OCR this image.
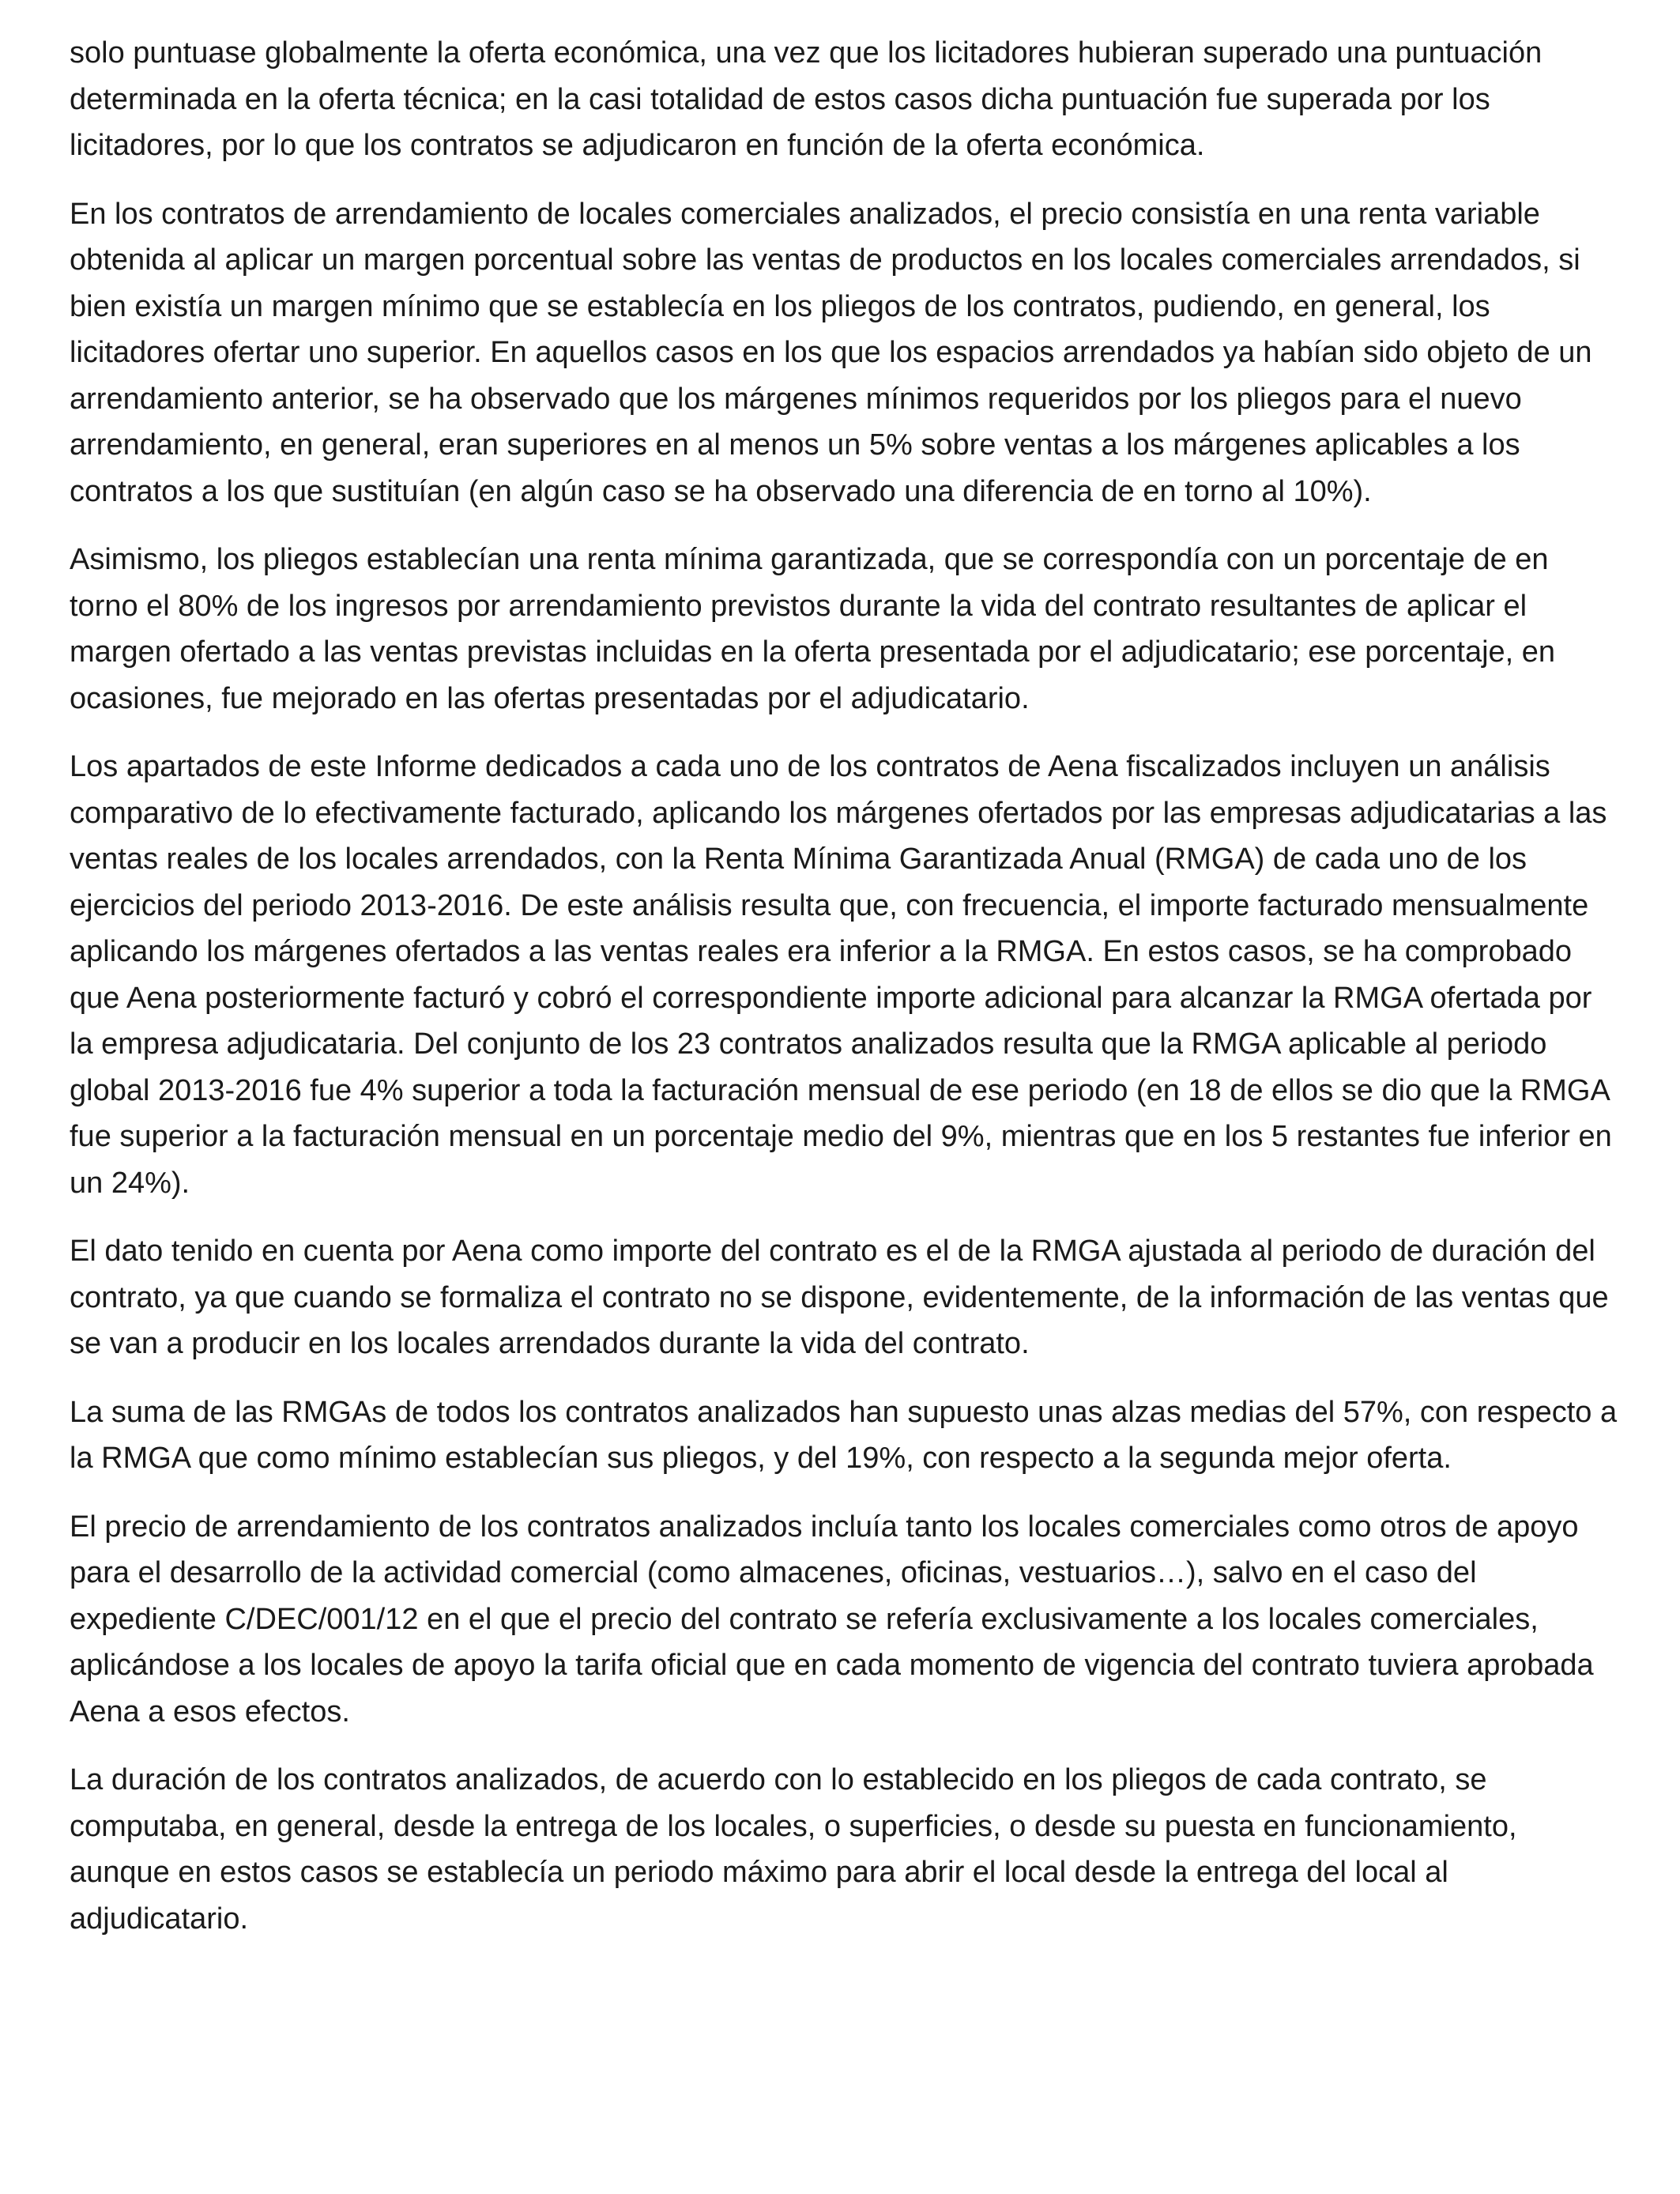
solo puntuase globalmente la oferta económica, una vez que los licitadores hubieran superado una puntuación determinada en la oferta técnica; en la casi totalidad de estos casos dicha puntuación fue superada por los licitadores, por lo que los contratos se adjudicaron en función de la oferta económica.

En los contratos de arrendamiento de locales comerciales analizados, el precio consistía en una renta variable obtenida al aplicar un margen porcentual sobre las ventas de productos en los locales comerciales arrendados, si bien existía un margen mínimo que se establecía en los pliegos de los contratos, pudiendo, en general, los licitadores ofertar uno superior. En aquellos casos en los que los espacios arrendados ya habían sido objeto de un arrendamiento anterior, se ha observado que los márgenes mínimos requeridos por los pliegos para el nuevo arrendamiento, en general, eran superiores en al menos un 5% sobre ventas a los márgenes aplicables a los contratos a los que sustituían (en algún caso se ha observado una diferencia de en torno al 10%).

Asimismo, los pliegos establecían una renta mínima garantizada, que se correspondía con un porcentaje de en torno el 80% de los ingresos por arrendamiento previstos durante la vida del contrato resultantes de aplicar el margen ofertado a las ventas previstas incluidas en la oferta presentada por el adjudicatario; ese porcentaje, en ocasiones, fue mejorado en las ofertas presentadas por el adjudicatario.

Los apartados de este Informe dedicados a cada uno de los contratos de Aena fiscalizados incluyen un análisis comparativo de lo efectivamente facturado, aplicando los márgenes ofertados por las empresas adjudicatarias a las ventas reales de los locales arrendados, con la Renta Mínima Garantizada Anual (RMGA) de cada uno de los ejercicios del periodo 2013-2016. De este análisis resulta que, con frecuencia, el importe facturado mensualmente aplicando los márgenes ofertados a las ventas reales era inferior a la RMGA. En estos casos, se ha comprobado que Aena posteriormente facturó y cobró el correspondiente importe adicional para alcanzar la RMGA ofertada por la empresa adjudicataria. Del conjunto de los 23 contratos analizados resulta que la RMGA aplicable al periodo global 2013-2016 fue 4% superior a toda la facturación mensual de ese periodo (en 18 de ellos se dio que la RMGA fue superior a la facturación mensual en un porcentaje medio del 9%, mientras que en los 5 restantes fue inferior en un 24%).

El dato tenido en cuenta por Aena como importe del contrato es el de la RMGA ajustada al periodo de duración del contrato, ya que cuando se formaliza el contrato no se dispone, evidentemente, de la información de las ventas que se van a producir en los locales arrendados durante la vida del contrato.

La suma de las RMGAs de todos los contratos analizados han supuesto unas alzas medias del 57%, con respecto a la RMGA que como mínimo establecían sus pliegos, y del 19%, con respecto a la segunda mejor oferta.

El precio de arrendamiento de los contratos analizados incluía tanto los locales comerciales como otros de apoyo para el desarrollo de la actividad comercial (como almacenes, oficinas, vestuarios…), salvo en el caso del expediente C/DEC/001/12 en el que el precio del contrato se refería exclusivamente a los locales comerciales, aplicándose a los locales de apoyo la tarifa oficial que en cada momento de vigencia del contrato tuviera aprobada Aena a esos efectos.

La duración de los contratos analizados, de acuerdo con lo establecido en los pliegos de cada contrato, se computaba, en general, desde la entrega de los locales, o superficies, o desde su puesta en funcionamiento, aunque en estos casos se establecía un periodo máximo para abrir el local desde la entrega del local al adjudicatario.
